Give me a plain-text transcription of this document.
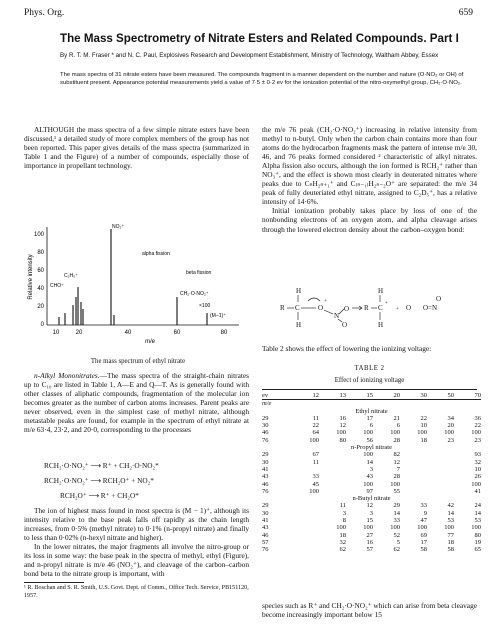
Phys. Org.	659
The Mass Spectrometry of Nitrate Esters and Related Compounds. Part I
By R. T. M. Fraser * and N. C. Paul, Explosives Research and Development Establishment, Ministry of Technology, Waltham Abbey, Essex
The mass spectra of 31 nitrate esters have been measured. The compounds fragment in a manner dependent on the number and nature (O·NO₂ or OH) of substituent present. Appearance potential measurements yield a value of 7·5 ± 0·2 ev for the ionization potential of the nitro-oxymethyl group, CH₂·O·NO₂.

ALTHOUGH the mass spectra of a few simple nitrate esters have been discussed,¹ a detailed study of more complex members of the group has not been reported. This paper gives details of the mass spectra (summarized in Table 1 and the Figure) of a number of compounds, especially those of importance in propellant technology.

Relative intensity
100
80
60
40
20
0
NO₂⁺
C₂H₅⁺
CHO⁺
alpha fission
beta fission
CH₂·O·NO₂⁺
(M−1)⁺
×100
10	20	40	60	80
m/e
The mass spectrum of ethyl nitrate

n-Alkyl Mononitrates.—The mass spectra of the straight-chain nitrates up to C₁₀ are listed in Table 1, A—E and Q—T. As is generally found with other classes of aliphatic compounds, fragmentation of the molecular ion becomes greater as the number of carbon atoms increases. Parent peaks are never observed, even in the simplest case of methyl nitrate, although metastable peaks are found, for example in the spectrum of ethyl nitrate at m/e 63·4, 23·2, and 20·0, corresponding to the processes

RCH₂·O·NO₂⁺ ⟶ R⁺ + CH₂·O·NO₂*
RCH₂·O·NO₂⁺ ⟶ RCH₂O⁺ + NO₂*
RCH₂O⁺ ⟶ R⁺ + CH₂O*

The ion of highest mass found in most spectra is (M − 1)⁺, although its intensity relative to the base peak falls off rapidly as the chain length increases, from 0·5% (methyl nitrate) to 0·1% (n-propyl nitrate) and finally to less than 0·02% (n-hexyl nitrate and higher).

In the lower nitrates, the major fragments all involve the nitro-group or its loss in some way: the base peak in the spectra of methyl, ethyl (Figure), and n-propyl nitrate is m/e 46 (NO₂⁺), and cleavage of the carbon–carbon bond beta to the nitrate group is important, with

¹ R. Boschan and S. R. Smith, U.S. Govt. Dept. of Comm., Office Tech. Service, PB151120, 1957.

the m/e 76 peak (CH₂·O·NO₂⁺) increasing in relative intensity from methyl to n-butyl. Only when the carbon chain contains more than four atoms do the hydrocarbon fragments mask the pattern of intense m/e 30, 46, and 76 peaks formed considered ² characteristic of alkyl nitrates. Alpha fission also occurs, although the ion formed is RCH₂⁺ rather than NO₃⁺, and the effect is shown most clearly in deuterated nitrates where peaks due to CₙH₂ₙ₊₁⁺ and C₍ₙ₋₁₎H₂ₙ₋₂O⁺ are separated: the m/e 34 peak of fully deuteriated ethyl nitrate, assigned to C₂D₅⁺, has a relative intensity of 14·6%.

Initial ionization probably takes place by loss of one of the nonbonding electrons of an oxygen atom, and alpha cleavage arises through the lowered electron density about the carbon–oxygen bond:

H
R C
H
O
N
O
O
H
R C
H
O O=N
O
+	+
+

Table 2 shows the effect of lowering the ionizing voltage:

TABLE 2
Effect of ionizing voltage
ev	12	13	15	20	30	50	70
m/e							
Ethyl nitrate							
29	11	16	17	21	22	34	36
30	22	12	6	6	10	20	22
46	64	100	100	100	100	100	100
76	100	80	56	28	18	23	23
n-Propyl nitrate							
29	67		100	82			93
30	11		14	12			32
41			3	7			10
43	33		43	28			26
46	45		100	100			100
76	100		97	55			41
n-Butyl nitrate							
29		11	12	29	33	42	24
30		3	3	14	9	14	14
41		8	15	33	47	53	53
43		100	100	100	100	100	100
46		18	27	52	69	77	80
57		32	16	5	17	18	19
76		62	57	62	58	58	65

species such as R⁺ and CH₂·O·NO₂⁺ which can arise from beta cleavage become increasingly important below 15
